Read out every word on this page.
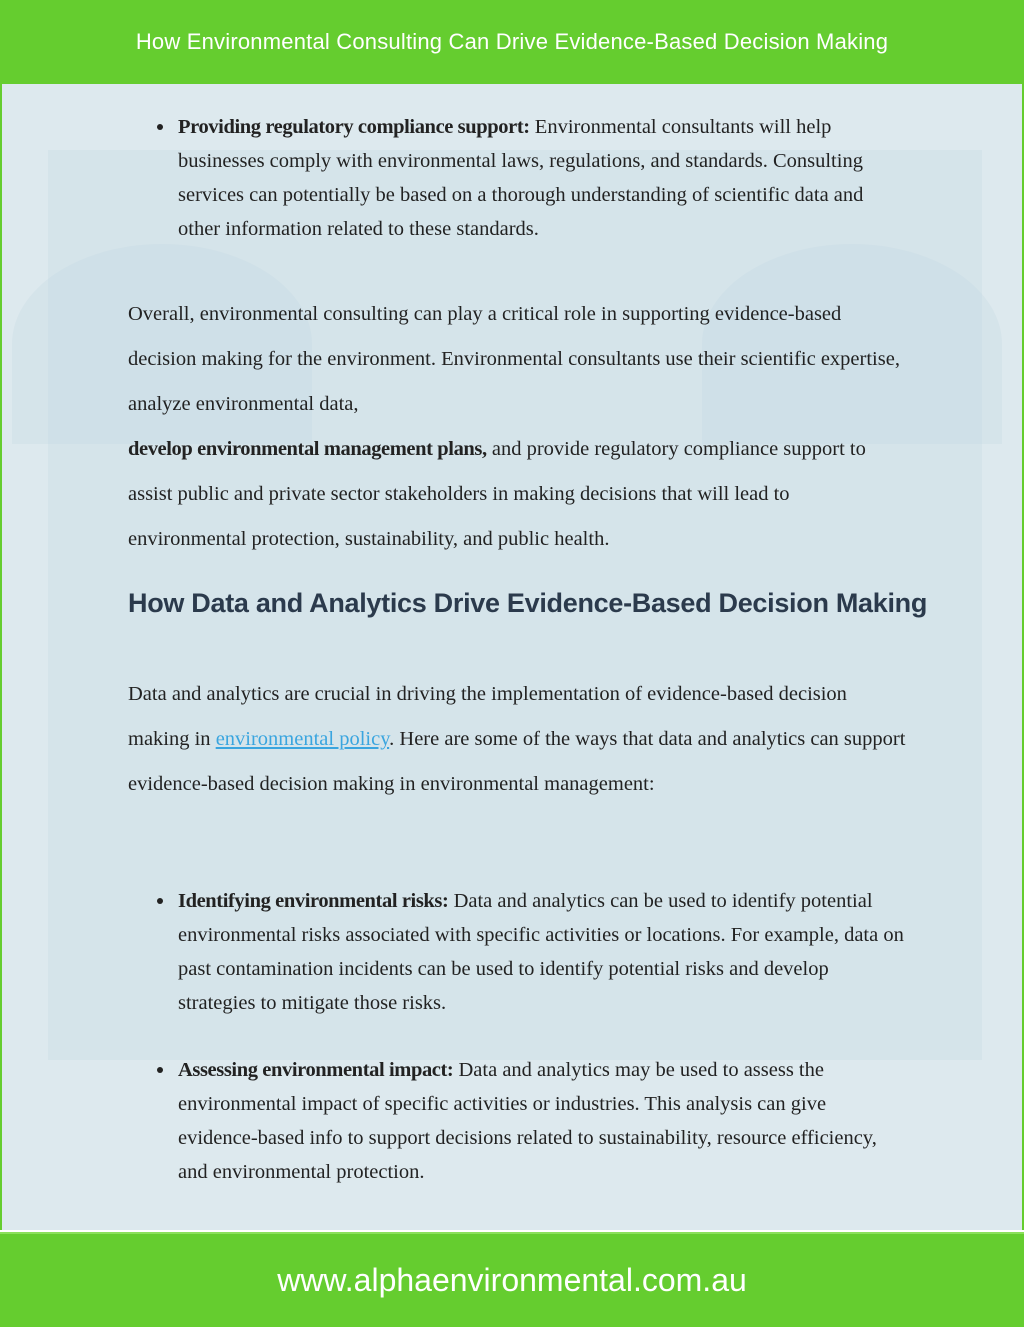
How Environmental Consulting Can Drive Evidence-Based Decision Making
Providing regulatory compliance support: Environmental consultants will help businesses comply with environmental laws, regulations, and standards. Consulting services can potentially be based on a thorough understanding of scientific data and other information related to these standards.
Overall, environmental consulting can play a critical role in supporting evidence-based decision making for the environment. Environmental consultants use their scientific expertise, analyze environmental data,
develop environmental management plans, and provide regulatory compliance support to assist public and private sector stakeholders in making decisions that will lead to environmental protection, sustainability, and public health.
How Data and Analytics Drive Evidence-Based Decision Making
Data and analytics are crucial in driving the implementation of evidence-based decision making in environmental policy. Here are some of the ways that data and analytics can support evidence-based decision making in environmental management:
Identifying environmental risks: Data and analytics can be used to identify potential environmental risks associated with specific activities or locations. For example, data on past contamination incidents can be used to identify potential risks and develop strategies to mitigate those risks.
Assessing environmental impact: Data and analytics may be used to assess the environmental impact of specific activities or industries. This analysis can give evidence-based info to support decisions related to sustainability, resource efficiency, and environmental protection.
www.alphaenvironmental.com.au
